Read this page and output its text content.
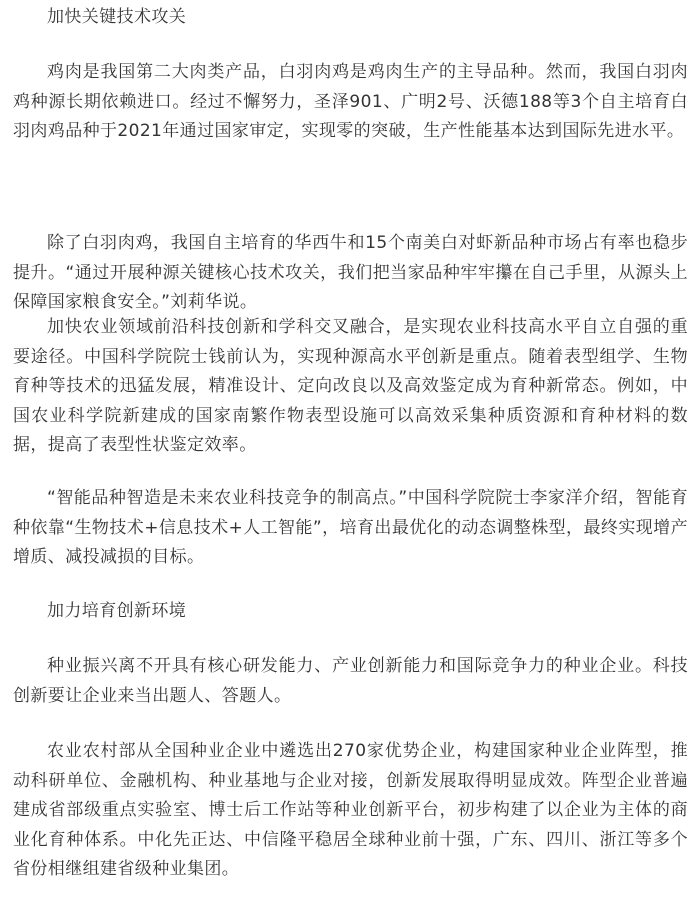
加快关键技术攻关

鸡肉是我国第二大肉类产品，白羽肉鸡是鸡肉生产的主导品种。然而，我国白羽肉鸡种源长期依赖进口。经过不懈努力，圣泽901、广明2号、沃德188等3个自主培育白羽肉鸡品种于2021年通过国家审定，实现零的突破，生产性能基本达到国际先进水平。

除了白羽肉鸡，我国自主培育的华西牛和15个南美白对虾新品种市场占有率也稳步提升。“通过开展种源关键核心技术攻关，我们把当家品种牢牢攥在自己手里，从源头上保障国家粮食安全。”刘莉华说。

加快农业领域前沿科技创新和学科交叉融合，是实现农业科技高水平自立自强的重要途径。中国科学院院士钱前认为，实现种源高水平创新是重点。随着表型组学、生物育种等技术的迅猛发展，精准设计、定向改良以及高效鉴定成为育种新常态。例如，中国农业科学院新建成的国家南繁作物表型设施可以高效采集种质资源和育种材料的数据，提高了表型性状鉴定效率。

“智能品种智造是未来农业科技竞争的制高点。”中国科学院院士李家洋介绍，智能育种依靠“生物技术+信息技术+人工智能”，培育出最优化的动态调整株型，最终实现增产增质、减投减损的目标。

加力培育创新环境

种业振兴离不开具有核心研发能力、产业创新能力和国际竞争力的种业企业。科技创新要让企业来当出题人、答题人。

农业农村部从全国种业企业中遴选出270家优势企业，构建国家种业企业阵型，推动科研单位、金融机构、种业基地与企业对接，创新发展取得明显成效。阵型企业普遍建成省部级重点实验室、博士后工作站等种业创新平台，初步构建了以企业为主体的商业化育种体系。中化先正达、中信隆平稳居全球种业前十强，广东、四川、浙江等多个省份相继组建省级种业集团。
